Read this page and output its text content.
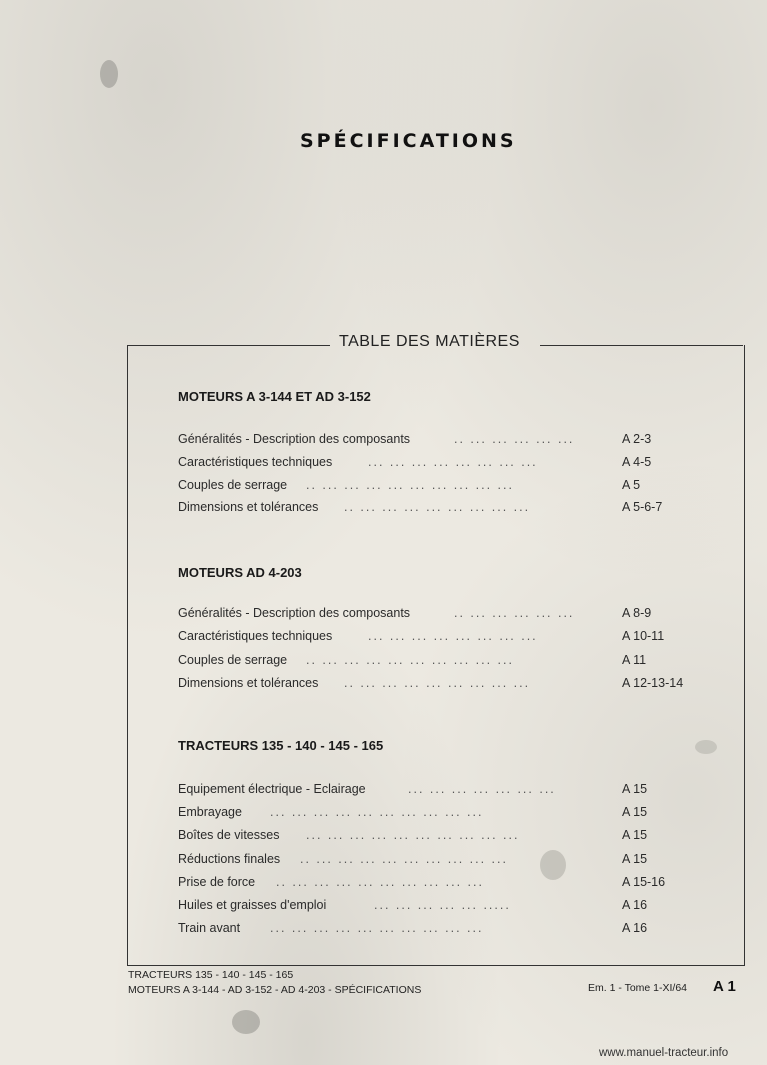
SPÉCIFICATIONS
TABLE DES MATIÈRES
MOTEURS A 3-144 ET AD 3-152
Généralités - Description des composants	.. ... ... ... ... ...	A 2-3
Caractéristiques techniques	... ... ... ... ... ... ... ...	A 4-5
Couples de serrage .. ... ... ... ... ... ... ... ... ...	A 5
Dimensions et tolérances .. ... ... ... ... ... ... ... ...	A 5-6-7
MOTEURS AD 4-203
Généralités - Description des composants	.. ... ... ... ... ...	A 8-9
Caractéristiques techniques	... ... ... ... ... ... ... ...	A 10-11
Couples de serrage .. ... ... ... ... ... ... ... ... ...	A 11
Dimensions et tolérances .. ... ... ... ... ... ... ... ...	A 12-13-14
TRACTEURS 135 - 140 - 145 - 165
Equipement électrique - Eclairage	... ... ... ... ... ... ...	A 15
Embrayage ... ... ... ... ... ... ... ... ... ...	A 15
Boîtes de vitesses ... ... ... ... ... ... ... ... ... ...	A 15
Réductions finales .. ... ... ... ... ... ... ... ... ...	A 15
Prise de force .. ... ... ... ... ... ... ... ... ...	A 15-16
Huiles et graisses d'emploi	... ... ... ... ... .....	A 16
Train avant ... ... ... ... ... ... ... ... ... ...	A 16
TRACTEURS 135 - 140 - 145 - 165
MOTEURS A 3-144 - AD 3-152 - AD 4-203 - SPÉCIFICATIONS	Em. 1 - Tome 1-XI/64 A 1
www.manuel-tracteur.info
